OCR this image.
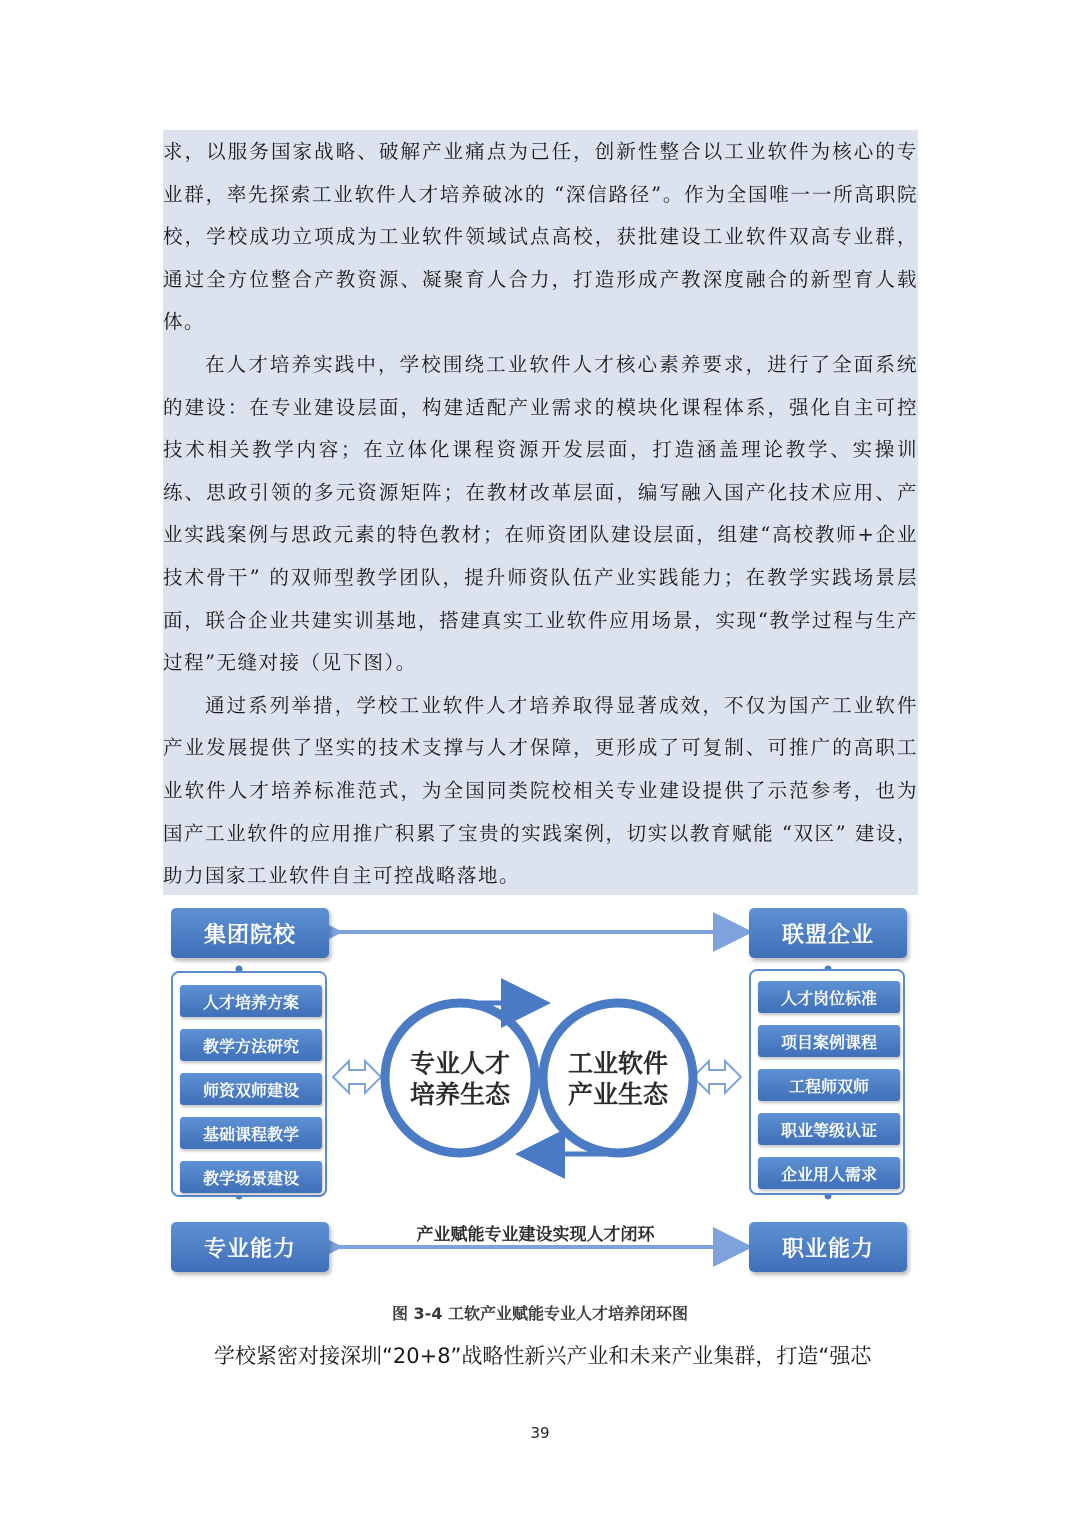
求，以服务国家战略、破解产业痛点为己任，创新性整合以工业软件为核心的专业群，率先探索工业软件人才培养破冰的 “深信路径”。作为全国唯一一所高职院校，学校成功立项成为工业软件领域试点高校，获批建设工业软件双高专业群，通过全方位整合产教资源、凝聚育人合力，打造形成产教深度融合的新型育人载体。

在人才培养实践中，学校围绕工业软件人才核心素养要求，进行了全面系统的建设：在专业建设层面，构建适配产业需求的模块化课程体系，强化自主可控技术相关教学内容；在立体化课程资源开发层面，打造涵盖理论教学、实操训练、思政引领的多元资源矩阵；在教材改革层面，编写融入国产化技术应用、产业实践案例与思政元素的特色教材；在师资团队建设层面，组建“高校教师+企业技术骨干” 的双师型教学团队，提升师资队伍产业实践能力；在教学实践场景层面，联合企业共建实训基地，搭建真实工业软件应用场景，实现“教学过程与生产过程”无缝对接（见下图）。

通过系列举措，学校工业软件人才培养取得显著成效，不仅为国产工业软件产业发展提供了坚实的技术支撑与人才保障，更形成了可复制、可推广的高职工业软件人才培养标准范式，为全国同类院校相关专业建设提供了示范参考，也为国产工业软件的应用推广积累了宝贵的实践案例，切实以教育赋能 “双区” 建设，助力国家工业软件自主可控战略落地。

集团院校	联盟企业
专业能力	职业能力
人才培养方案
教学方法研究
师资双师建设
基础课程教学
教学场景建设
人才岗位标准
项目案例课程
工程师双师
职业等级认证
企业用人需求
专业人才
培养生态
工业软件
产业生态
产业赋能专业建设实现人才闭环
图 3-4 工软产业赋能专业人才培养闭环图
学校紧密对接深圳“20+8”战略性新兴产业和未来产业集群，打造“强芯
39
